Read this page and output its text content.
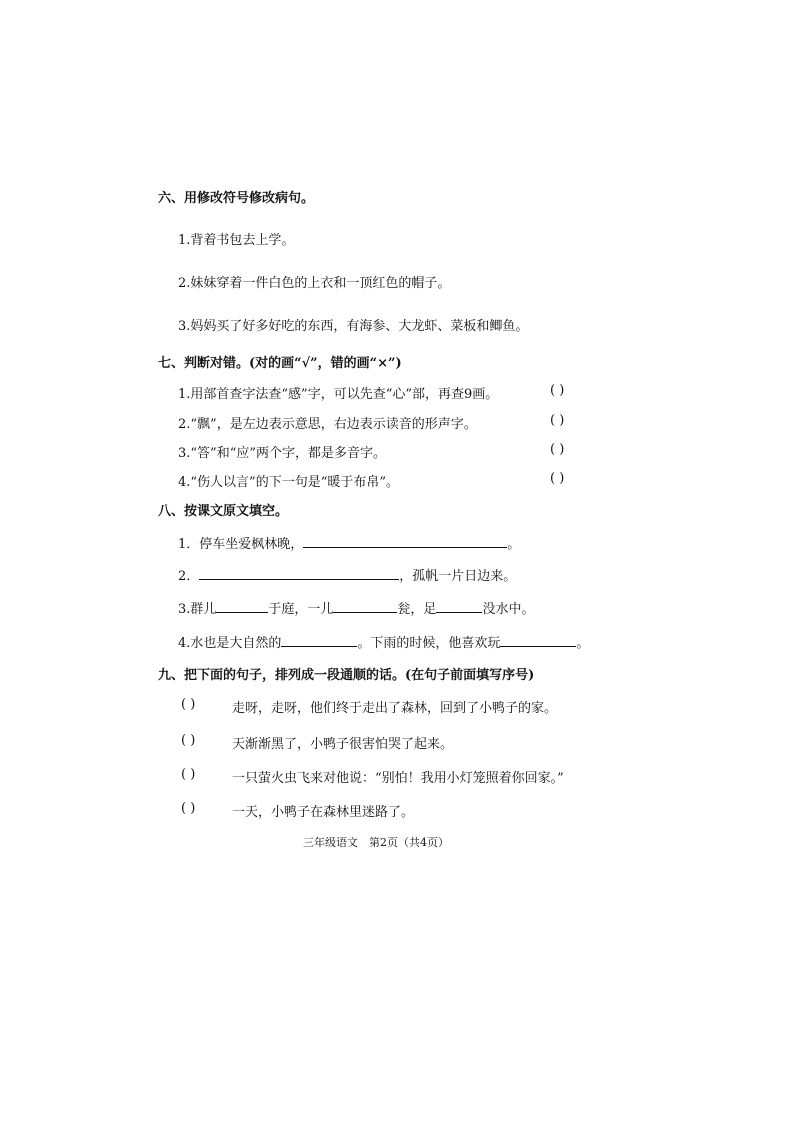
六、用修改符号修改病句。
1.背着书包去上学。
2.妹妹穿着一件白色的上衣和一顶红色的帽子。
3.妈妈买了好多好吃的东西，有海参、大龙虾、菜板和鲫鱼。
七、判断对错。(对的画“√”，错的画“×”)
1.用部首查字法查“感”字，可以先查“心”部，再查9画。	( )
2.“飘”，是左边表示意思，右边表示读音的形声字。	( )
3.“答”和“应”两个字，都是多音字。	( )
4.“伤人以言”的下一句是“暖于布帛”。	( )
八、按课文原文填空。
1．停车坐爱枫林晚，	。
2．	，孤帆一片日边来。
3.群儿	于庭，一儿	瓮，足	没水中。
4.水也是大自然的	。下雨的时候，他喜欢玩	。
九、把下面的句子，排列成一段通顺的话。(在句子前面填写序号)
( )	走呀，走呀，他们终于走出了森林，回到了小鸭子的家。
( )	天渐渐黑了，小鸭子很害怕哭了起来。
( )	一只萤火虫飞来对他说：“别怕！我用小灯笼照着你回家。”
( )	一天，小鸭子在森林里迷路了。
三年级语文　第2页（共4页）
